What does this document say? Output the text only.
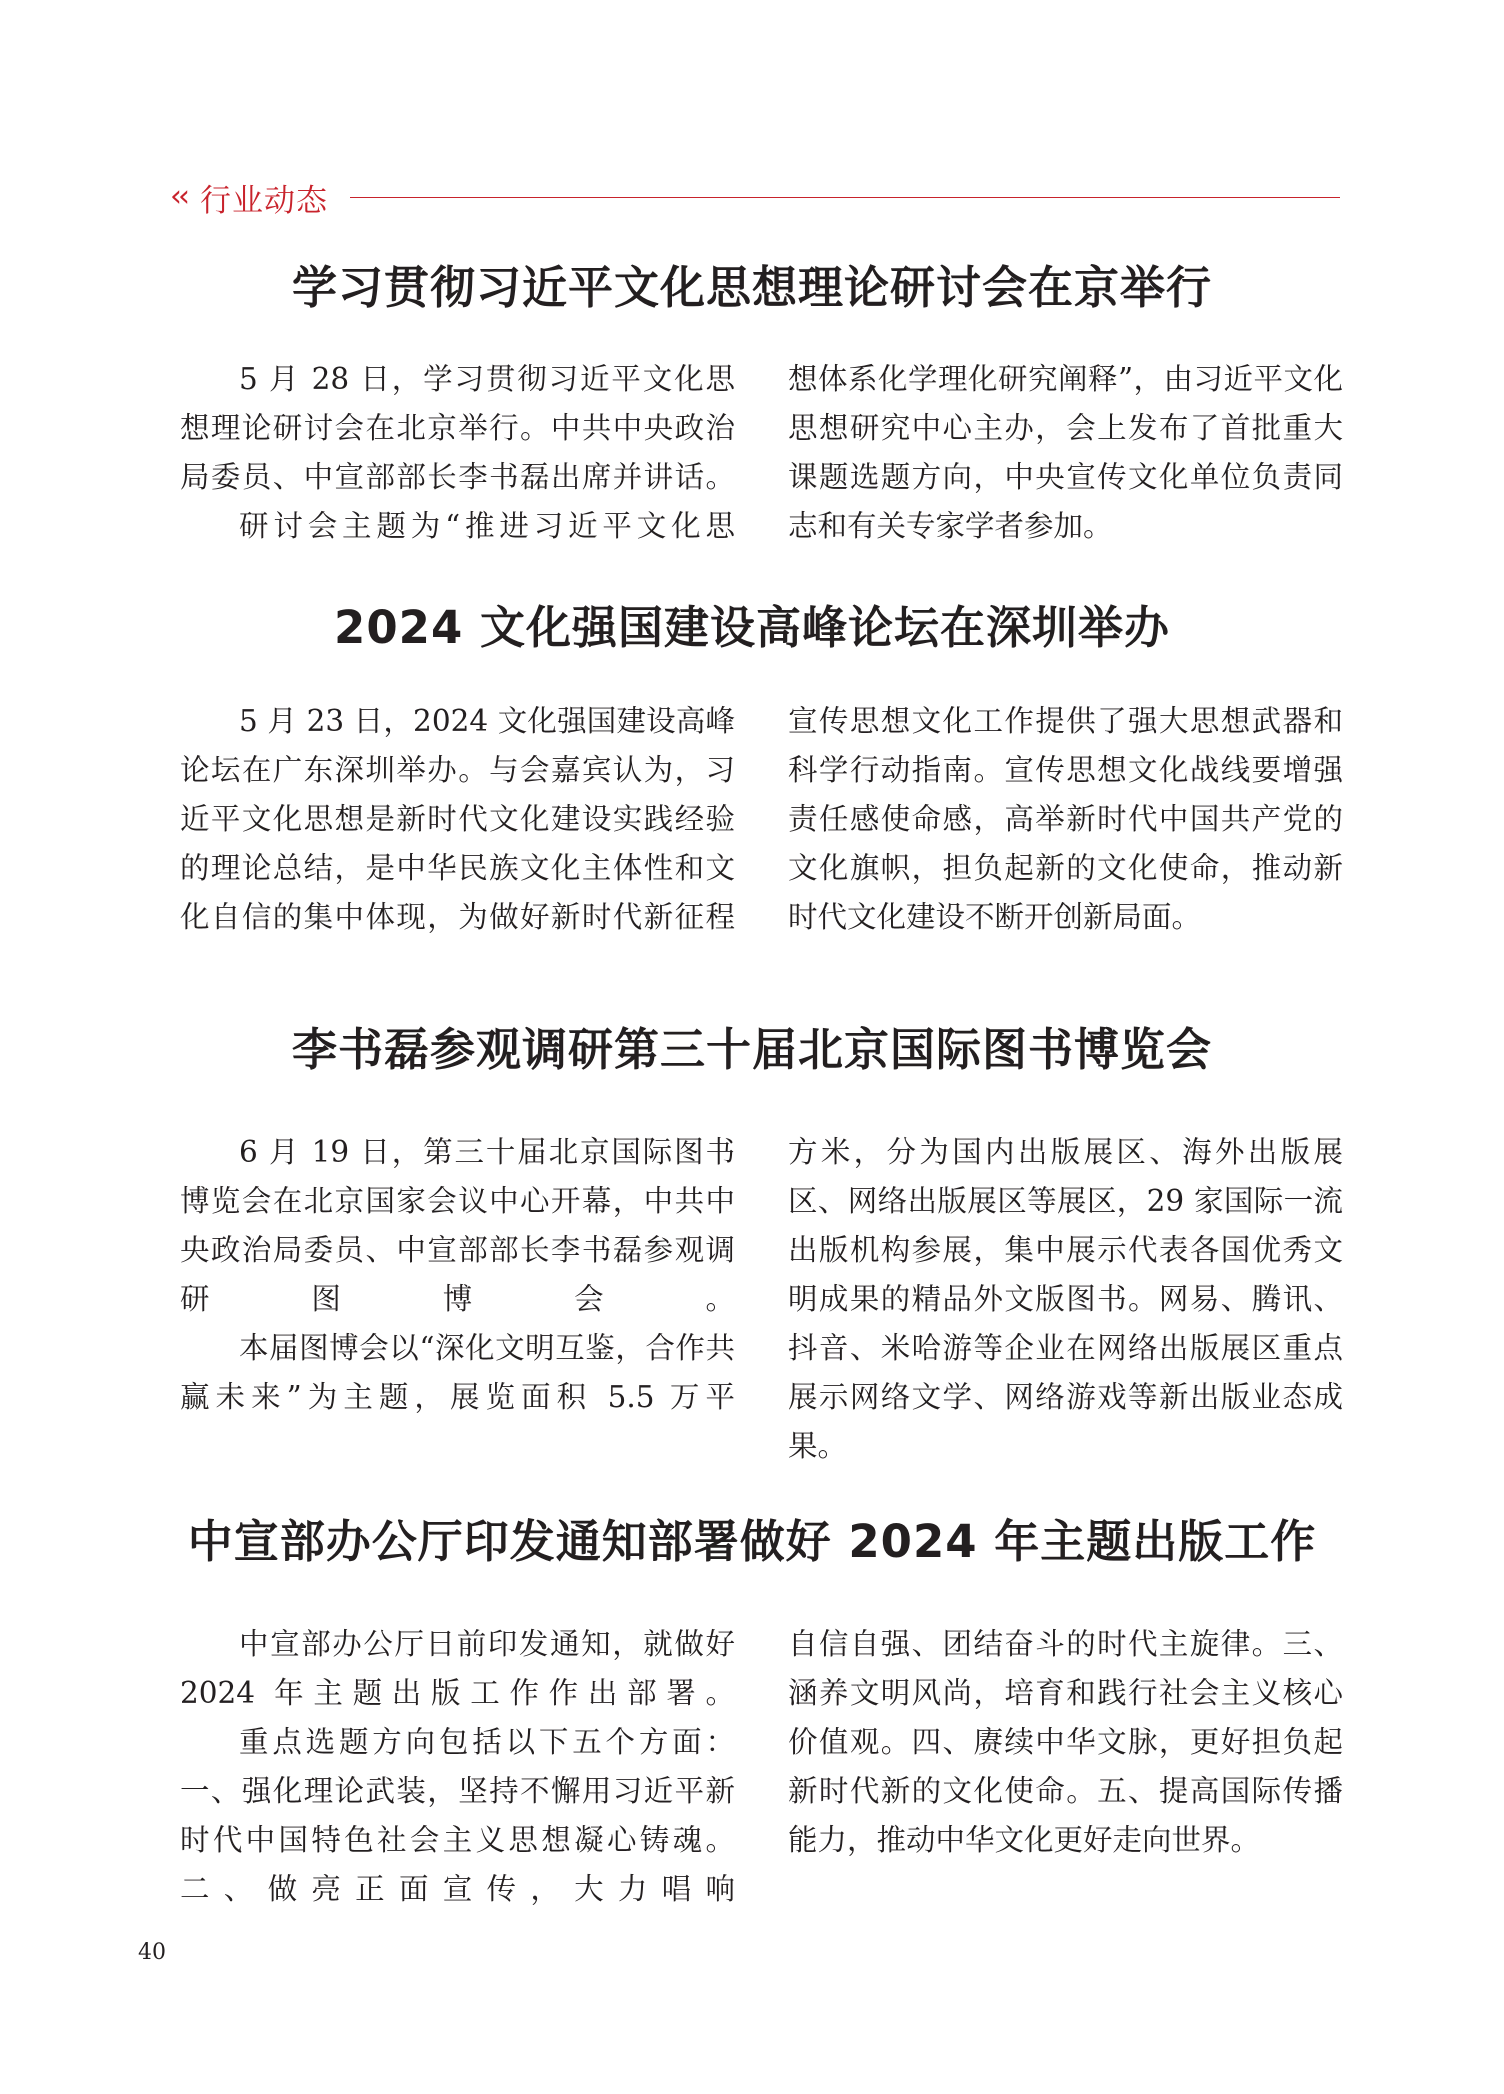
‹‹ 行业动态
学习贯彻习近平文化思想理论研讨会在京举行

5 月 28 日，学习贯彻习近平文化思想理论研讨会在北京举行。中共中央政治局委员、中宣部部长李书磊出席并讲话。

研讨会主题为“推进习近平文化思

想体系化学理化研究阐释”，由习近平文化思想研究中心主办，会上发布了首批重大课题选题方向，中央宣传文化单位负责同志和有关专家学者参加。

2024 文化强国建设高峰论坛在深圳举办

5 月 23 日，2024 文化强国建设高峰论坛在广东深圳举办。与会嘉宾认为，习近平文化思想是新时代文化建设实践经验的理论总结，是中华民族文化主体性和文化自信的集中体现，为做好新时代新征程

宣传思想文化工作提供了强大思想武器和科学行动指南。宣传思想文化战线要增强责任感使命感，高举新时代中国共产党的文化旗帜，担负起新的文化使命，推动新时代文化建设不断开创新局面。

李书磊参观调研第三十届北京国际图书博览会

6 月 19 日，第三十届北京国际图书博览会在北京国家会议中心开幕，中共中央政治局委员、中宣部部长李书磊参观调研图博会。

本届图博会以“深化文明互鉴，合作共赢未来”为主题，展览面积 5.5 万平

方米，分为国内出版展区、海外出版展区、网络出版展区等展区，29 家国际一流出版机构参展，集中展示代表各国优秀文明成果的精品外文版图书。网易、腾讯、抖音、米哈游等企业在网络出版展区重点展示网络文学、网络游戏等新出版业态成果。

中宣部办公厅印发通知部署做好 2024 年主题出版工作

中宣部办公厅日前印发通知，就做好 2024 年主题出版工作作出部署。

重点选题方向包括以下五个方面：一、强化理论武装，坚持不懈用习近平新时代中国特色社会主义思想凝心铸魂。二、做亮正面宣传，大力唱响

自信自强、团结奋斗的时代主旋律。三、涵养文明风尚，培育和践行社会主义核心价值观。四、赓续中华文脉，更好担负起新时代新的文化使命。五、提高国际传播能力，推动中华文化更好走向世界。

40
